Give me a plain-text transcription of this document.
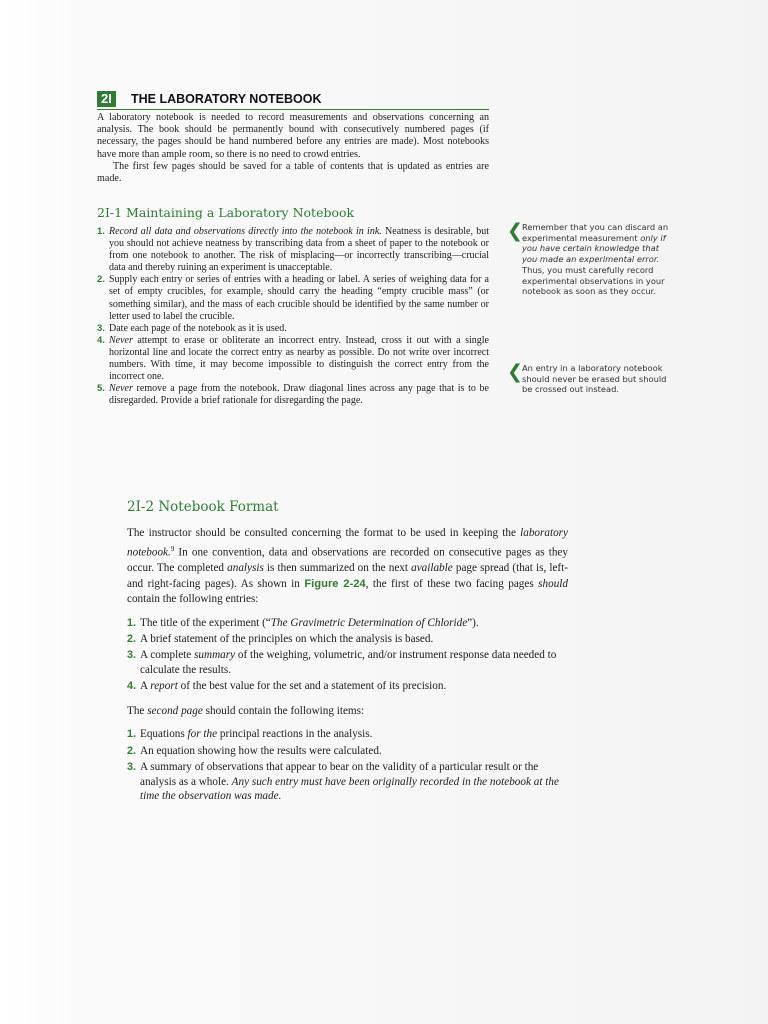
2I	THE LABORATORY NOTEBOOK

A laboratory notebook is needed to record measurements and observations concerning an analysis. The book should be permanently bound with consecutively numbered pages (if necessary, the pages should be hand numbered before any entries are made). Most notebooks have more than ample room, so there is no need to crowd entries.

The first few pages should be saved for a table of contents that is updated as entries are made.

2I-1 Maintaining a Laboratory Notebook
1. Record all data and observations directly into the notebook in ink. Neatness is desirable, but you should not achieve neatness by transcribing data from a sheet of paper to the notebook or from one notebook to another. The risk of misplacing—or incorrectly transcribing—crucial data and thereby ruining an experiment is unacceptable.
2. Supply each entry or series of entries with a heading or label. A series of weighing data for a set of empty crucibles, for example, should carry the heading “empty crucible mass” (or something similar), and the mass of each crucible should be identified by the same number or letter used to label the crucible.
3. Date each page of the notebook as it is used.
4. Never attempt to erase or obliterate an incorrect entry. Instead, cross it out with a single horizontal line and locate the correct entry as nearby as possible. Do not write over incorrect numbers. With time, it may become impossible to distinguish the correct entry from the incorrect one.
5. Never remove a page from the notebook. Draw diagonal lines across any page that is to be disregarded. Provide a brief rationale for disregarding the page.
❮ Remember that you can discard an experimental measurement only if you have certain knowledge that you made an experimental error. Thus, you must carefully record experimental observations in your notebook as soon as they occur.
❮ An entry in a laboratory notebook should never be erased but should be crossed out instead.
2I-2 Notebook Format

The instructor should be consulted concerning the format to be used in keeping the laboratory notebook.$^9$ In one convention, data and observations are recorded on consecutive pages as they occur. The completed analysis is then summarized on the next available page spread (that is, left- and right-facing pages). As shown in Figure 2-24, the first of these two facing pages should contain the following entries:

1. The title of the experiment (“The Gravimetric Determination of Chloride”).
2. A brief statement of the principles on which the analysis is based.
3. A complete summary of the weighing, volumetric, and/or instrument response data needed to calculate the results.
4. A report of the best value for the set and a statement of its precision.

The second page should contain the following items:

1. Equations for the principal reactions in the analysis.
2. An equation showing how the results were calculated.
3. A summary of observations that appear to bear on the validity of a particular result or the analysis as a whole. Any such entry must have been originally recorded in the notebook at the time the observation was made.
